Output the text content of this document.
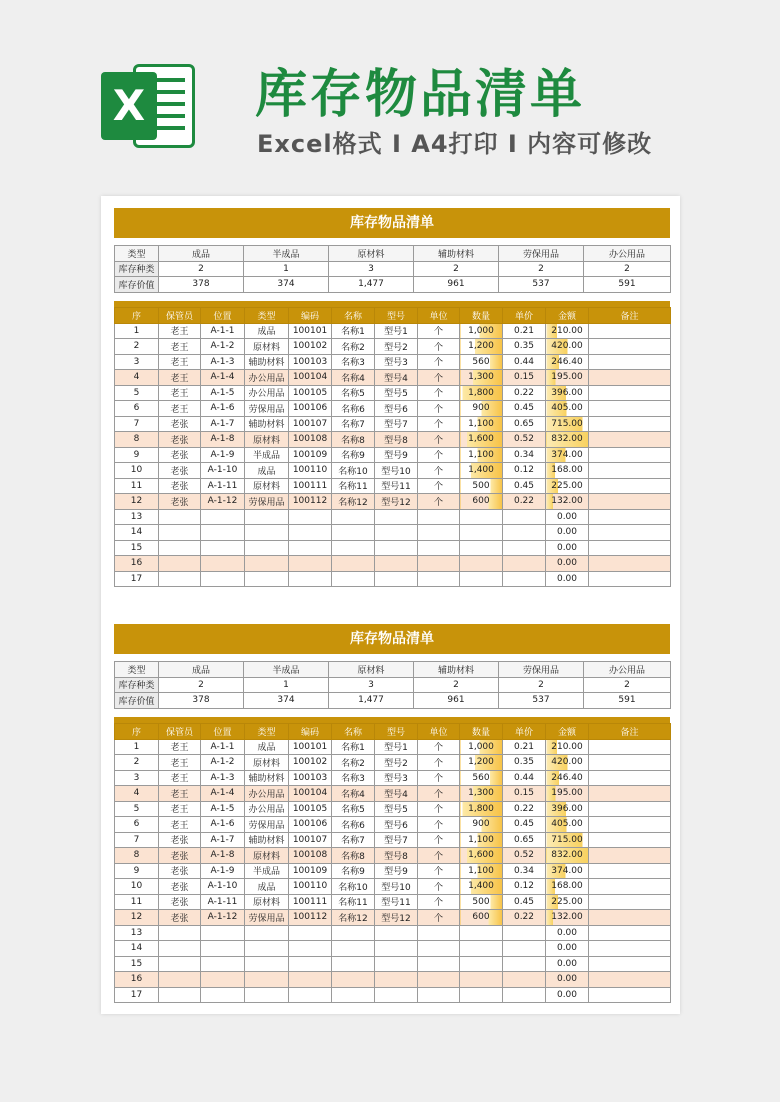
X 库存物品清单
Excel格式 I A4打印 I 内容可修改
库存物品清单
类型	成品	半成品	原材料	辅助材料	劳保用品	办公用品
库存种类	2	1	3	2	2	2
库存价值	378	374	1,477	961	537	591
序	保管员	位置	类型	编码	名称	型号	单位	数量	单价	金额	备注
1	老王	A-1-1	成品	100101	名称1	型号1	个	1,000	0.21	210.00	
2	老王	A-1-2	原材料	100102	名称2	型号2	个	1,200	0.35	420.00	
3	老王	A-1-3	辅助材料	100103	名称3	型号3	个	560	0.44	246.40	
4	老王	A-1-4	办公用品	100104	名称4	型号4	个	1,300	0.15	195.00	
5	老王	A-1-5	办公用品	100105	名称5	型号5	个	1,800	0.22	396.00	
6	老王	A-1-6	劳保用品	100106	名称6	型号6	个	900	0.45	405.00	
7	老张	A-1-7	辅助材料	100107	名称7	型号7	个	1,100	0.65	715.00	
8	老张	A-1-8	原材料	100108	名称8	型号8	个	1,600	0.52	832.00	
9	老张	A-1-9	半成品	100109	名称9	型号9	个	1,100	0.34	374.00	
10	老张	A-1-10	成品	100110	名称10	型号10	个	1,400	0.12	168.00	
11	老张	A-1-11	原材料	100111	名称11	型号11	个	500	0.45	225.00	
12	老张	A-1-12	劳保用品	100112	名称12	型号12	个	600	0.22	132.00	
13										0.00	
14										0.00	
15										0.00	
16										0.00	
17										0.00	
库存物品清单
类型	成品	半成品	原材料	辅助材料	劳保用品	办公用品
库存种类	2	1	3	2	2	2
库存价值	378	374	1,477	961	537	591
序	保管员	位置	类型	编码	名称	型号	单位	数量	单价	金额	备注
1	老王	A-1-1	成品	100101	名称1	型号1	个	1,000	0.21	210.00	
2	老王	A-1-2	原材料	100102	名称2	型号2	个	1,200	0.35	420.00	
3	老王	A-1-3	辅助材料	100103	名称3	型号3	个	560	0.44	246.40	
4	老王	A-1-4	办公用品	100104	名称4	型号4	个	1,300	0.15	195.00	
5	老王	A-1-5	办公用品	100105	名称5	型号5	个	1,800	0.22	396.00	
6	老王	A-1-6	劳保用品	100106	名称6	型号6	个	900	0.45	405.00	
7	老张	A-1-7	辅助材料	100107	名称7	型号7	个	1,100	0.65	715.00	
8	老张	A-1-8	原材料	100108	名称8	型号8	个	1,600	0.52	832.00	
9	老张	A-1-9	半成品	100109	名称9	型号9	个	1,100	0.34	374.00	
10	老张	A-1-10	成品	100110	名称10	型号10	个	1,400	0.12	168.00	
11	老张	A-1-11	原材料	100111	名称11	型号11	个	500	0.45	225.00	
12	老张	A-1-12	劳保用品	100112	名称12	型号12	个	600	0.22	132.00	
13										0.00	
14										0.00	
15										0.00	
16										0.00	
17										0.00	
